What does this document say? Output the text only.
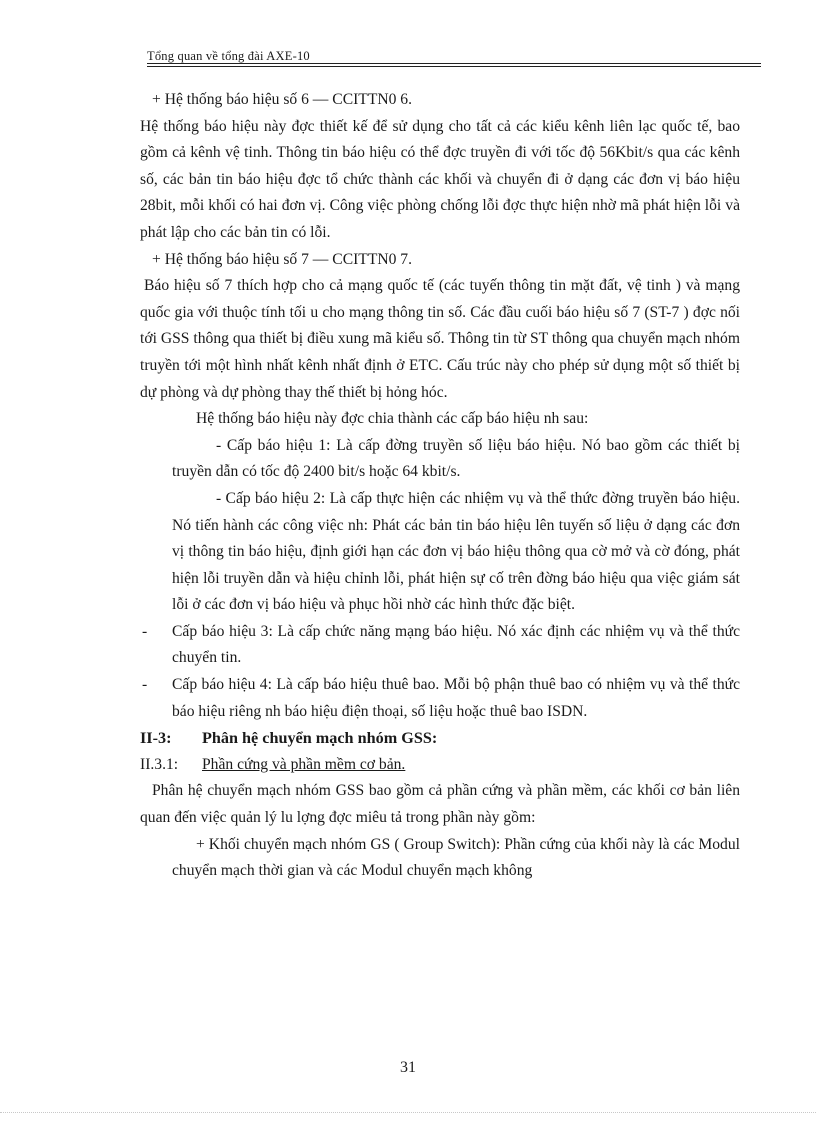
Tổng quan về tổng đài AXE-10

+ Hệ thống báo hiệu số 6 — CCITTN0 6.

Hệ thống báo hiệu này đợc thiết kế để sử dụng cho tất cả các kiểu kênh liên lạc quốc tế, bao gồm cả kênh vệ tinh. Thông tin báo hiệu có thể đợc truyền đi với tốc độ 56Kbit/s qua các kênh số, các bản tin báo hiệu đợc tổ chức thành các khối và chuyển đi ở dạng các đơn vị báo hiệu 28bit, mỗi khối có hai đơn vị. Công việc phòng chống lỗi đợc thực hiện nhờ mã phát hiện lỗi và phát lập cho các bản tin có lỗi.

+ Hệ thống báo hiệu số 7 — CCITTN0 7.

Báo hiệu số 7 thích hợp cho cả mạng quốc tế (các tuyến thông tin mặt đất, vệ tinh ) và mạng quốc gia với thuộc tính tối u cho mạng thông tin số. Các đầu cuối báo hiệu số 7 (ST-7 ) đợc nối tới GSS thông qua thiết bị điều xung mã kiểu số. Thông tin từ ST thông qua chuyển mạch nhóm truyền tới một hình nhất kênh nhất định ở ETC. Cấu trúc này cho phép sử dụng một số thiết bị dự phòng và dự phòng thay thế thiết bị hỏng hóc.

Hệ thống báo hiệu này đợc chia thành các cấp báo hiệu nh sau:

- Cấp báo hiệu 1: Là cấp đờng truyền số liệu báo hiệu. Nó bao gồm các thiết bị truyền dẫn có tốc độ 2400 bit/s hoặc 64 kbit/s.

- Cấp báo hiệu 2: Là cấp thực hiện các nhiệm vụ và thể thức đờng truyền báo hiệu. Nó tiến hành các công việc nh: Phát các bản tin báo hiệu lên tuyến số liệu ở dạng các đơn vị thông tin báo hiệu, định giới hạn các đơn vị báo hiệu thông qua cờ mở và cờ đóng, phát hiện lỗi truyền dẫn và hiệu chỉnh lỗi, phát hiện sự cố trên đờng báo hiệu qua việc giám sát lỗi ở các đơn vị báo hiệu và phục hồi nhờ các hình thức đặc biệt.

- Cấp báo hiệu 3: Là cấp chức năng mạng báo hiệu. Nó xác định các nhiệm vụ và thể thức chuyển tin.

- Cấp báo hiệu 4: Là cấp báo hiệu thuê bao. Mỗi bộ phận thuê bao có nhiệm vụ và thể thức báo hiệu riêng nh báo hiệu điện thoại, số liệu hoặc thuê bao ISDN.

II-3: Phân hệ chuyển mạch nhóm GSS:

II.3.1: Phần cứng và phần mềm cơ bản.

Phân hệ chuyển mạch nhóm GSS bao gồm cả phần cứng và phần mềm, các khối cơ bản liên quan đến việc quản lý lu lợng đợc miêu tả trong phần này gồm:

+ Khối chuyển mạch nhóm GS ( Group Switch): Phần cứng của khối này là các Modul chuyển mạch thời gian và các Modul chuyển mạch không

31
